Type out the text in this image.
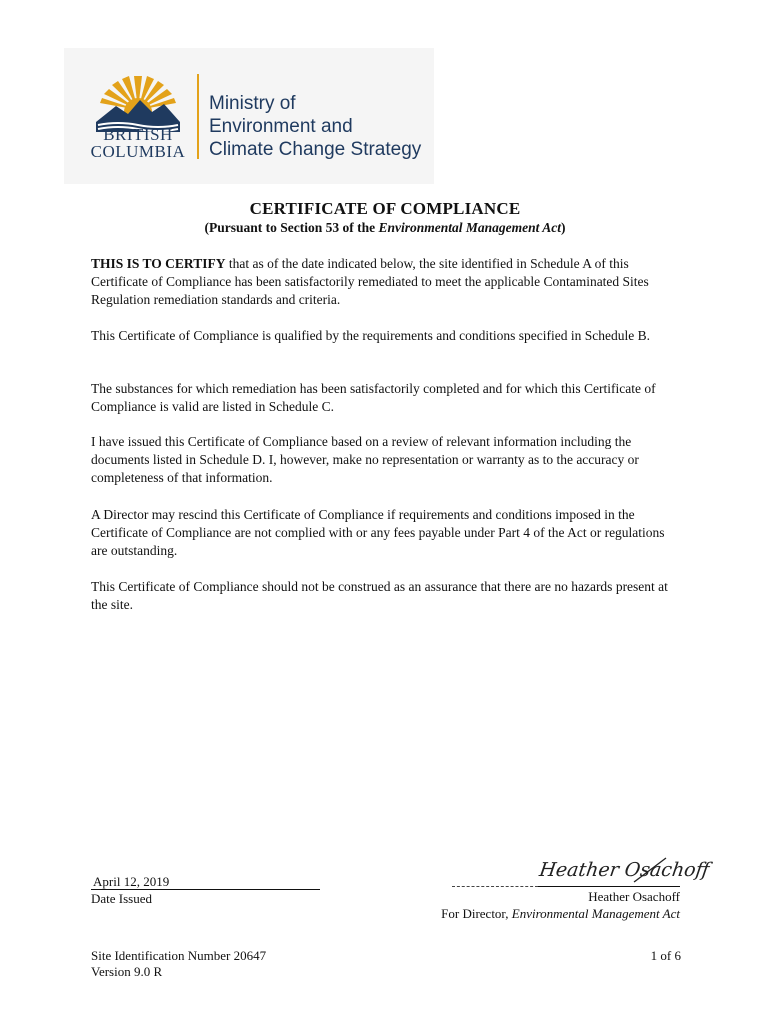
BRITISH
COLUMBIA
Ministry of
Environment and
Climate Change Strategy
CERTIFICATE OF COMPLIANCE
(Pursuant to Section 53 of the Environmental Management Act)
THIS IS TO CERTIFY that as of the date indicated below, the site identified in Schedule A of this Certificate of Compliance has been satisfactorily remediated to meet the applicable Contaminated Sites Regulation remediation standards and criteria.
This Certificate of Compliance is qualified by the requirements and conditions specified in Schedule B.
The substances for which remediation has been satisfactorily completed and for which this Certificate of Compliance is valid are listed in Schedule C.
I have issued this Certificate of Compliance based on a review of relevant information including the documents listed in Schedule D. I, however, make no representation or warranty as to the accuracy or completeness of that information.
A Director may rescind this Certificate of Compliance if requirements and conditions imposed in the Certificate of Compliance are not complied with or any fees payable under Part 4 of the Act or regulations are outstanding.
This Certificate of Compliance should not be construed as an assurance that there are no hazards present at the site.
April 12, 2019
Date Issued
Heather Osachoff
Heather Osachoff
For Director, Environmental Management Act
Site Identification Number 20647
Version 9.0 R
1 of 6
